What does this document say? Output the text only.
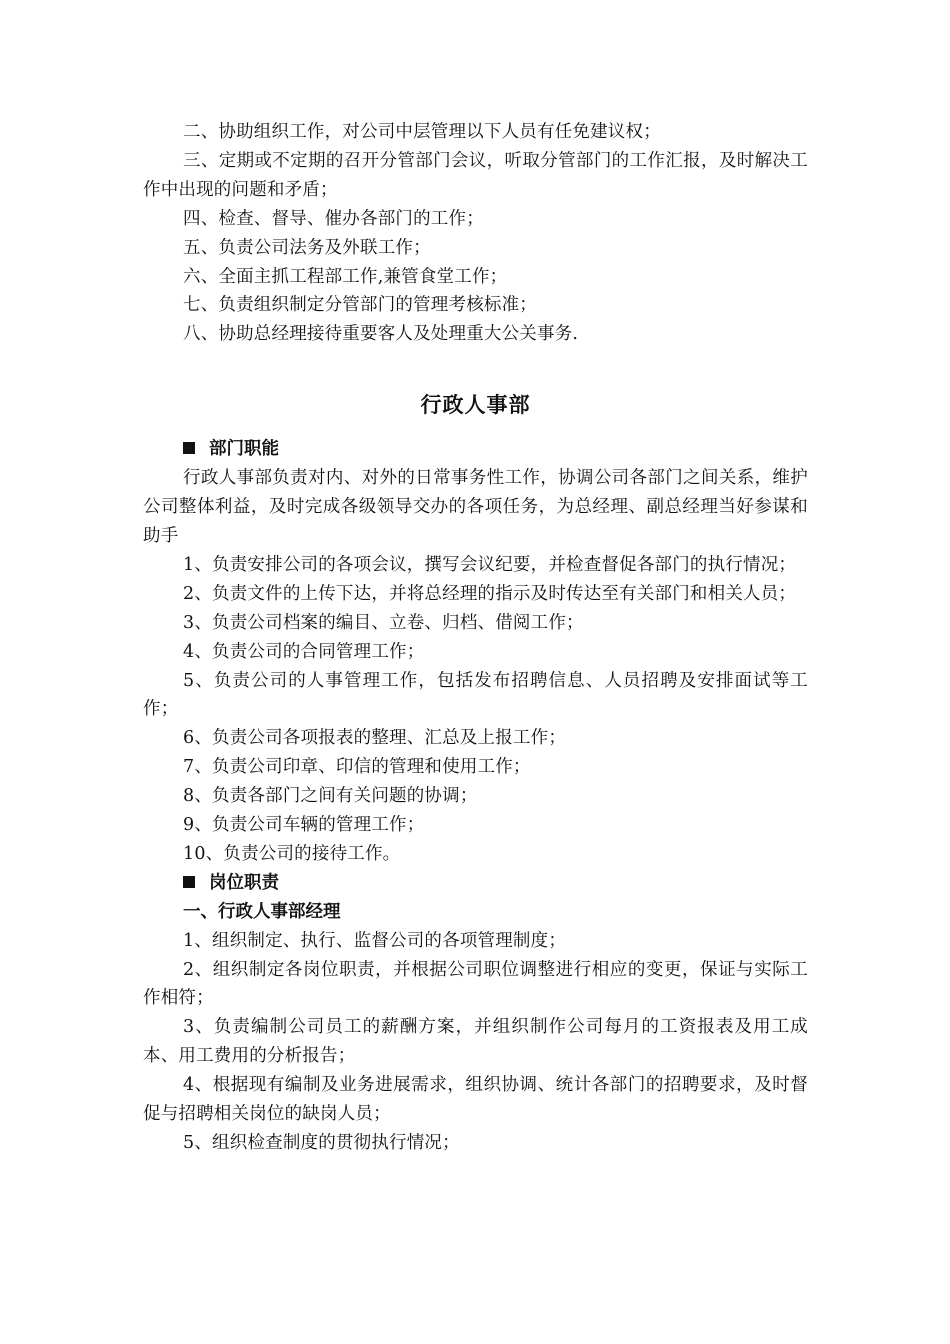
二、协助组织工作，对公司中层管理以下人员有任免建议权；

三、定期或不定期的召开分管部门会议，听取分管部门的工作汇报，及时解决工作中出现的问题和矛盾；

四、检查、督导、催办各部门的工作；

五、负责公司法务及外联工作；

六、全面主抓工程部工作,兼管食堂工作；

七、负责组织制定分管部门的管理考核标准；

八、协助总经理接待重要客人及处理重大公关事务.

行政人事部
部门职能

行政人事部负责对内、对外的日常事务性工作，协调公司各部门之间关系，维护公司整体利益，及时完成各级领导交办的各项任务，为总经理、副总经理当好参谋和助手

1、负责安排公司的各项会议，撰写会议纪要，并检查督促各部门的执行情况；

2、负责文件的上传下达，并将总经理的指示及时传达至有关部门和相关人员；

3、负责公司档案的编目、立卷、归档、借阅工作；

4、负责公司的合同管理工作；

5、负责公司的人事管理工作，包括发布招聘信息、人员招聘及安排面试等工作；

6、负责公司各项报表的整理、汇总及上报工作；

7、负责公司印章、印信的管理和使用工作；

8、负责各部门之间有关问题的协调；

9、负责公司车辆的管理工作；

10、负责公司的接待工作。

岗位职责
一、行政人事部经理

1、组织制定、执行、监督公司的各项管理制度；

2、组织制定各岗位职责，并根据公司职位调整进行相应的变更，保证与实际工作相符；

3、负责编制公司员工的薪酬方案，并组织制作公司每月的工资报表及用工成本、用工费用的分析报告；

4、根据现有编制及业务进展需求，组织协调、统计各部门的招聘要求，及时督促与招聘相关岗位的缺岗人员；

5、组织检查制度的贯彻执行情况；
